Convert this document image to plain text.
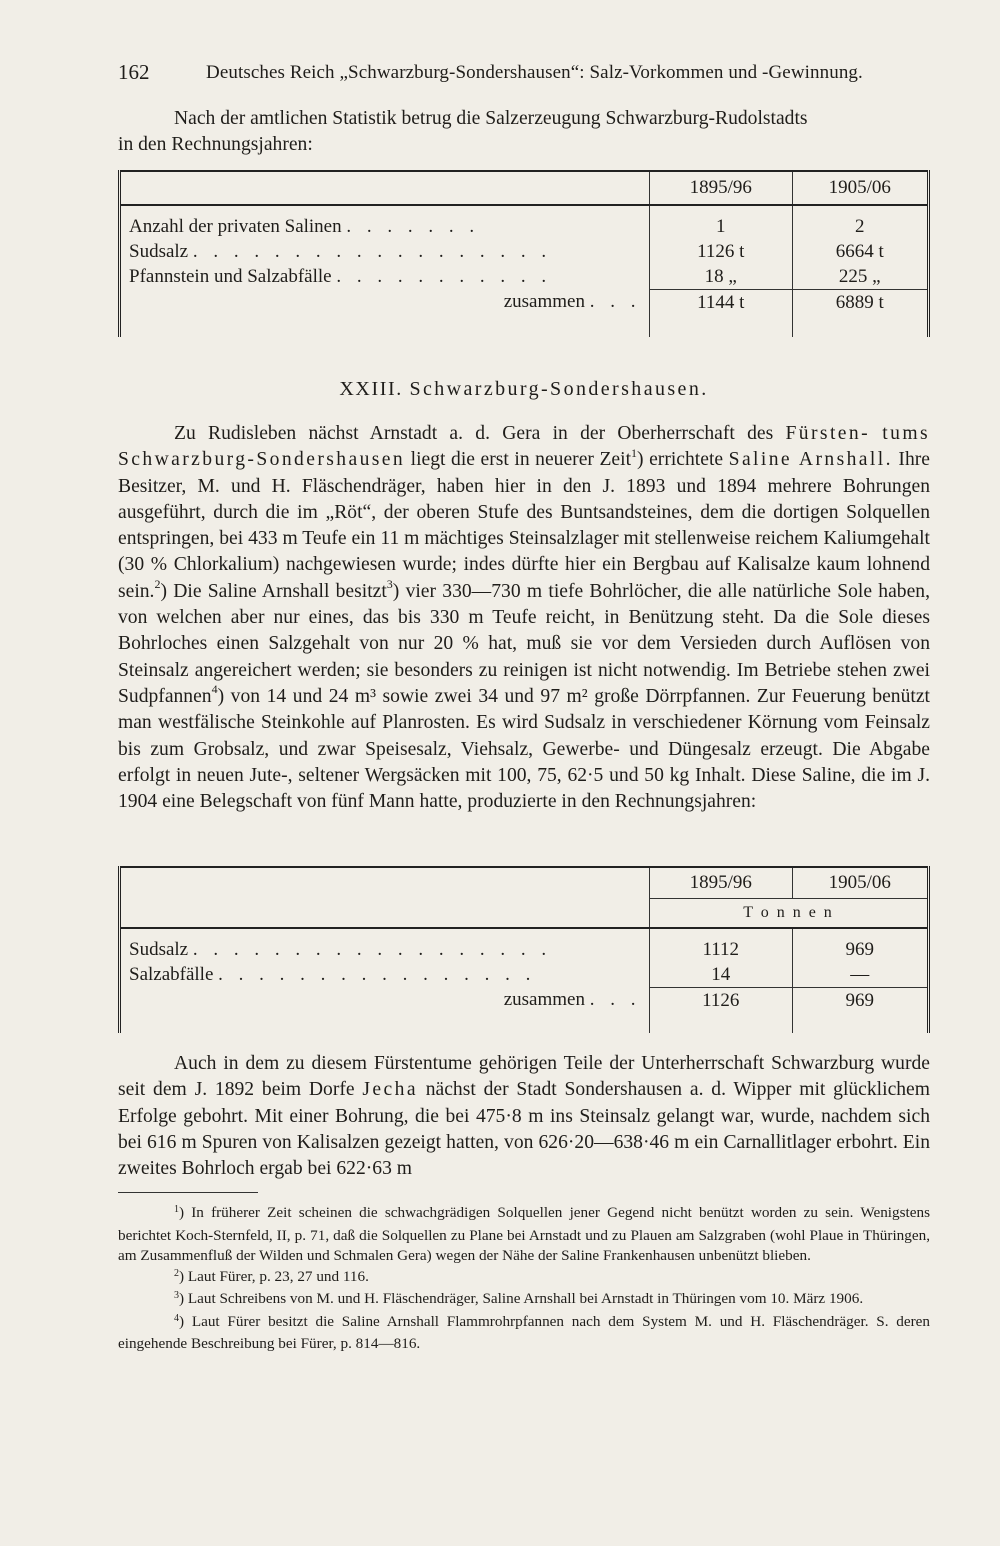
162	Deutsches Reich „Schwarzburg-Sondershausen“: Salz-Vorkommen und -Gewinnung.

Nach der amtlichen Statistik betrug die Salzerzeugung Schwarzburg-Rudolstadts

in den Rechnungsjahren:

	1895/96	1905/06

Anzahl der privaten Salinen . . . . . . .	1	2
Sudsalz . . . . . . . . . . . . . . . . . .	1126 t	6664 t
Pfannstein und Salzabfälle . . . . . . . . . . .	18 „	225 „
zusammen . . .	1144 t	6889 t

XXIII. Schwarzburg-Sondershausen.

Zu Rudisleben nächst Arnstadt a. d. Gera in der Oberherrschaft des Fürsten- tums Schwarzburg-Sondershausen liegt die erst in neuerer Zeit$^1$) errichtete Saline Arnshall. Ihre Besitzer, M. und H. Fläschendräger, haben hier in den J. 1893 und 1894 mehrere Bohrungen ausgeführt, durch die im „Röt“, der oberen Stufe des Buntsandsteines, dem die dortigen Solquellen entspringen, bei 433 m Teufe ein 11 m mächtiges Steinsalzlager mit stellenweise reichem Kaliumgehalt (30 % Chlorkalium) nachgewiesen wurde; indes dürfte hier ein Bergbau auf Kalisalze kaum lohnend sein.$^2$) Die Saline Arnshall besitzt$^3$) vier 330—730 m tiefe Bohrlöcher, die alle natürliche Sole haben, von welchen aber nur eines, das bis 330 m Teufe reicht, in Benützung steht. Da die Sole dieses Bohrloches einen Salzgehalt von nur 20 % hat, muß sie vor dem Versieden durch Auflösen von Steinsalz angereichert werden; sie besonders zu reinigen ist nicht notwendig. Im Betriebe stehen zwei Sudpfannen$^4$) von 14 und 24 m³ sowie zwei 34 und 97 m² große Dörrpfannen. Zur Feuerung benützt man westfälische Steinkohle auf Planrosten. Es wird Sudsalz in verschiedener Körnung vom Feinsalz bis zum Grobsalz, und zwar Speisesalz, Viehsalz, Gewerbe- und Düngesalz erzeugt. Die Abgabe erfolgt in neuen Jute-, seltener Wergsäcken mit 100, 75, 62·5 und 50 kg Inhalt. Diese Saline, die im J. 1904 eine Belegschaft von fünf Mann hatte, produzierte in den Rechnungsjahren:

	1895/96	1905/06
	T o n n e n	

Sudsalz . . . . . . . . . . . . . . . . . .	1112	969
Salzabfälle . . . . . . . . . . . . . . . .	14	—
zusammen . . .	1126	969

Auch in dem zu diesem Fürstentume gehörigen Teile der Unterherrschaft Schwarzburg wurde seit dem J. 1892 beim Dorfe Jecha nächst der Stadt Sondershausen a. d. Wipper mit glücklichem Erfolge gebohrt. Mit einer Bohrung, die bei 475·8 m ins Steinsalz gelangt war, wurde, nachdem sich bei 616 m Spuren von Kalisalzen gezeigt hatten, von 626·20—638·46 m ein Carnallitlager erbohrt. Ein zweites Bohrloch ergab bei 622·63 m

$^1$) In früherer Zeit scheinen die schwachgrädigen Solquellen jener Gegend nicht benützt worden zu sein. Wenigstens berichtet Koch-Sternfeld, II, p. 71, daß die Solquellen zu Plane bei Arnstadt und zu Plauen am Salzgraben (wohl Plaue in Thüringen, am Zusammenfluß der Wilden und Schmalen Gera) wegen der Nähe der Saline Frankenhausen unbenützt blieben.

$^2$) Laut Fürer, p. 23, 27 und 116.

$^3$) Laut Schreibens von M. und H. Fläschendräger, Saline Arnshall bei Arnstadt in Thüringen vom 10. März 1906.

$^4$) Laut Fürer besitzt die Saline Arnshall Flammrohrpfannen nach dem System M. und H. Fläschendräger. S. deren eingehende Beschreibung bei Fürer, p. 814—816.
